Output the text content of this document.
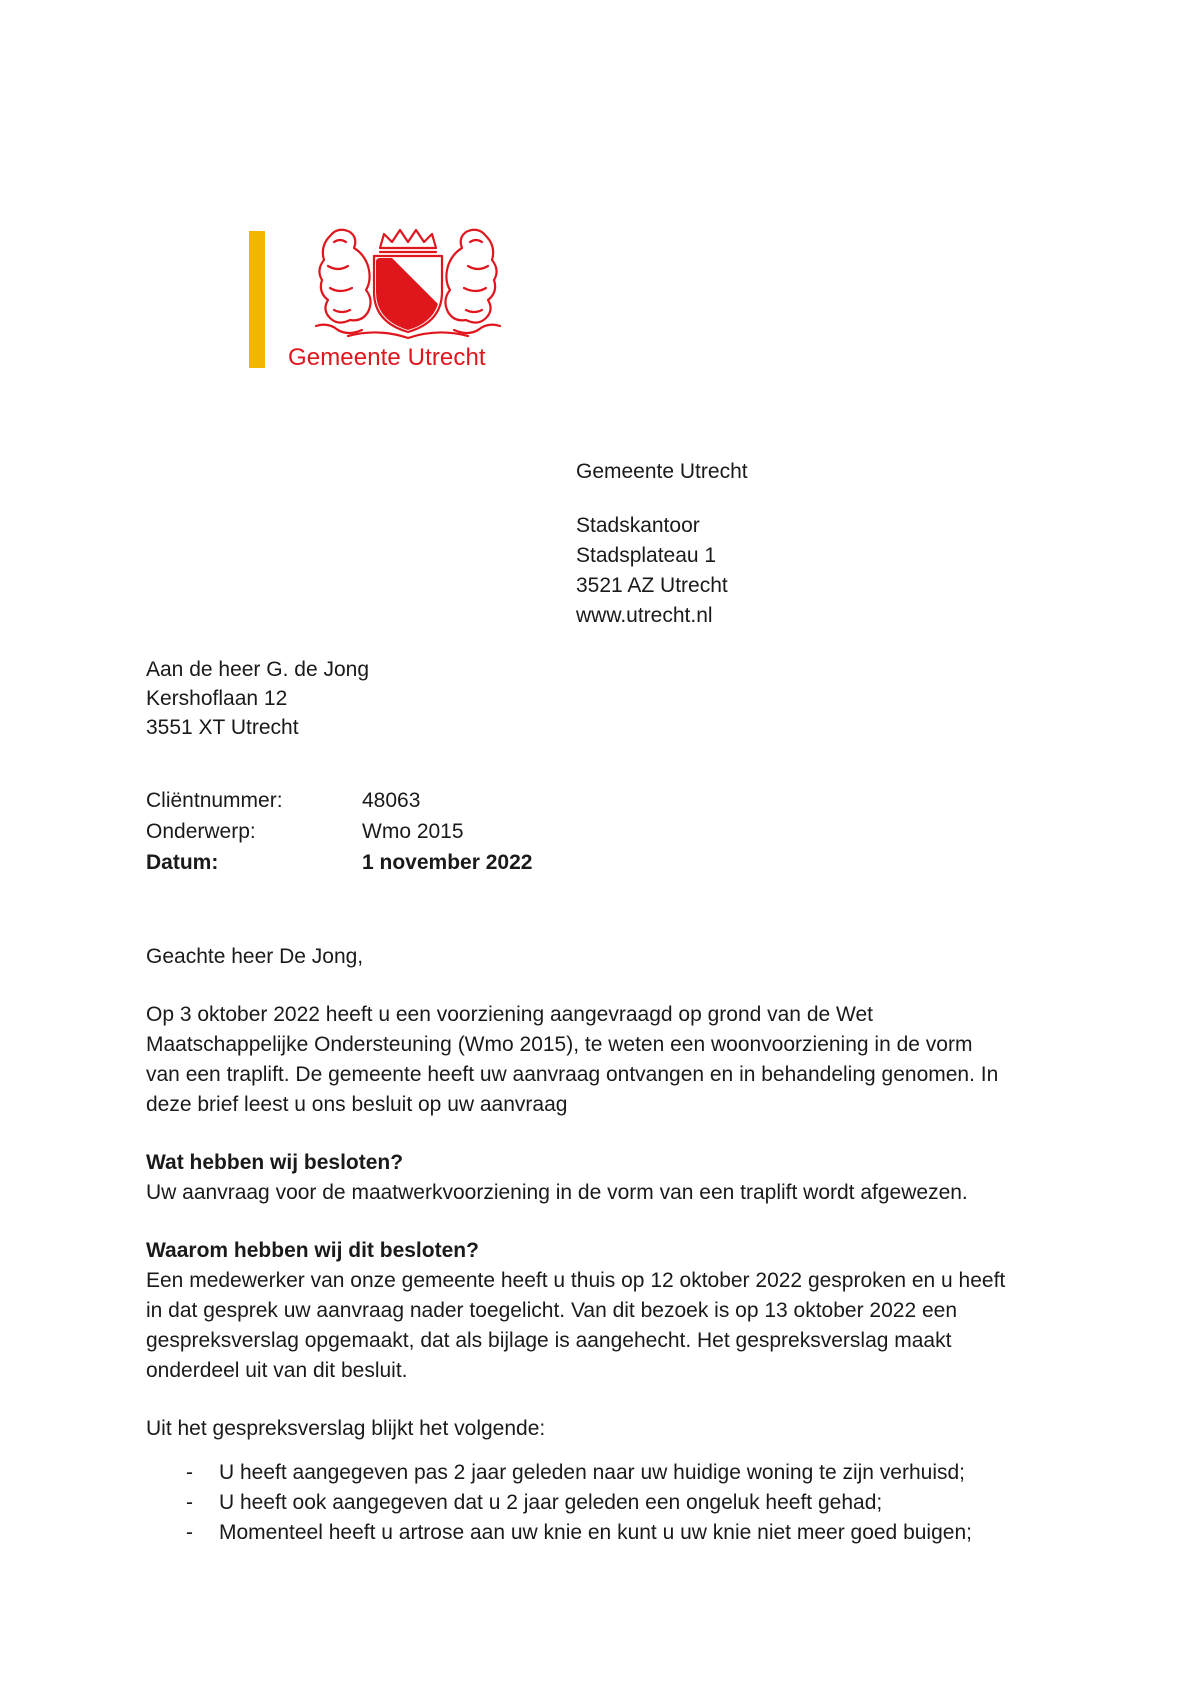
Gemeente Utrecht
Gemeente Utrecht
Stadskantoor
Stadsplateau 1
3521 AZ Utrecht
www.utrecht.nl
Aan de heer G. de Jong
Kershoflaan 12
3551 XT Utrecht
Cliëntnummer:	48063
Onderwerp:	Wmo 2015
Datum:	1 november 2022
Geachte heer De Jong,
Op 3 oktober 2022 heeft u een voorziening aangevraagd op grond van de Wet
Maatschappelijke Ondersteuning (Wmo 2015), te weten een woonvoorziening in de vorm
van een traplift. De gemeente heeft uw aanvraag ontvangen en in behandeling genomen. In
deze brief leest u ons besluit op uw aanvraag
Wat hebben wij besloten?
Uw aanvraag voor de maatwerkvoorziening in de vorm van een traplift wordt afgewezen.
Waarom hebben wij dit besloten?
Een medewerker van onze gemeente heeft u thuis op 12 oktober 2022 gesproken en u heeft
in dat gesprek uw aanvraag nader toegelicht. Van dit bezoek is op 13 oktober 2022 een
gespreksverslag opgemaakt, dat als bijlage is aangehecht. Het gespreksverslag maakt
onderdeel uit van dit besluit.
Uit het gespreksverslag blijkt het volgende:
- U heeft aangegeven pas 2 jaar geleden naar uw huidige woning te zijn verhuisd;
- U heeft ook aangegeven dat u 2 jaar geleden een ongeluk heeft gehad;
- Momenteel heeft u artrose aan uw knie en kunt u uw knie niet meer goed buigen;
